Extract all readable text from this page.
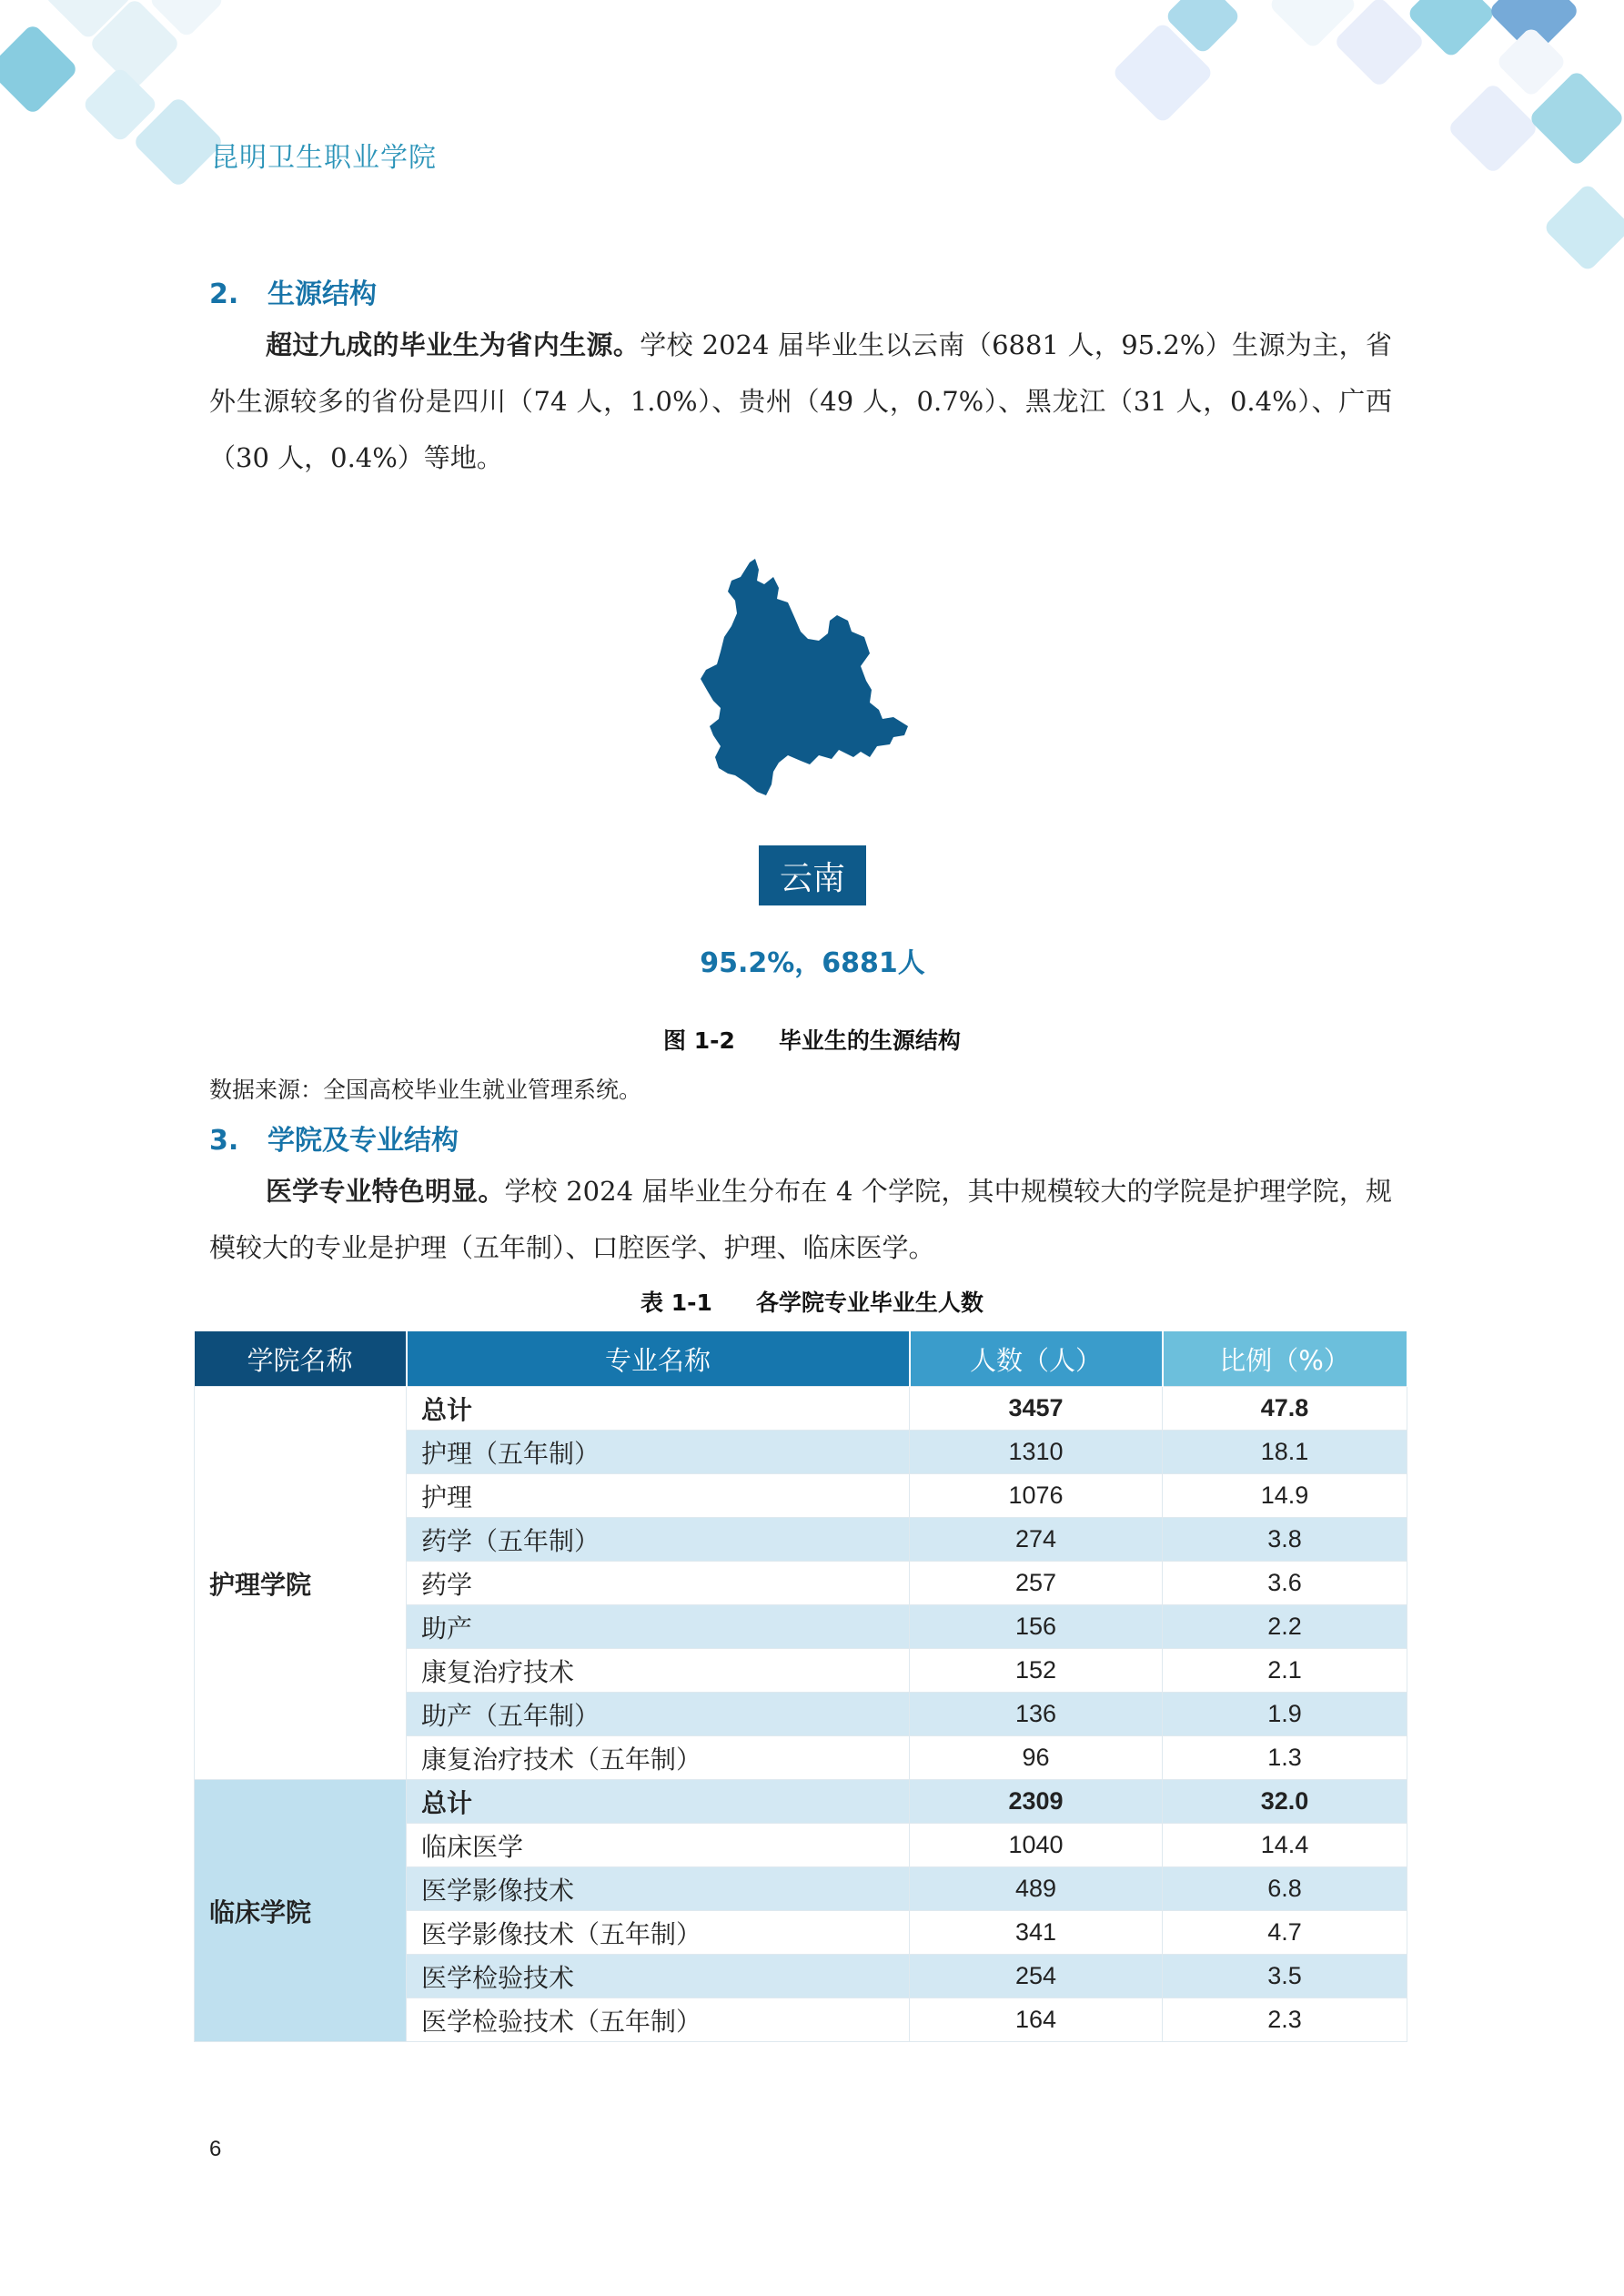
昆明卫生职业学院
2. 生源结构
超过九成的毕业生为省内生源。学校 2024 届毕业生以云南（6881 人，95.2%）生源为主，省外生源较多的省份是四川（74 人，1.0%）、贵州（49 人，0.7%）、黑龙江（31 人，0.4%）、广西（30 人，0.4%）等地。
云南
95.2%，6881人
图 1-2 毕业生的生源结构
数据来源：全国高校毕业生就业管理系统。
3. 学院及专业结构
医学专业特色明显。学校 2024 届毕业生分布在 4 个学院，其中规模较大的学院是护理学院，规模较大的专业是护理（五年制）、口腔医学、护理、临床医学。
表 1-1 各学院专业毕业生人数
学院名称	专业名称	人数（人）	比例（%）
护理学院	总计	3457	47.8
	护理（五年制）	1310	18.1
	护理	1076	14.9
	药学（五年制）	274	3.8
	药学	257	3.6
	助产	156	2.2
	康复治疗技术	152	2.1
	助产（五年制）	136	1.9
	康复治疗技术（五年制）	96	1.3
临床学院	总计	2309	32.0
	临床医学	1040	14.4
	医学影像技术	489	6.8
	医学影像技术（五年制）	341	4.7
	医学检验技术	254	3.5
	医学检验技术（五年制）	164	2.3
6
